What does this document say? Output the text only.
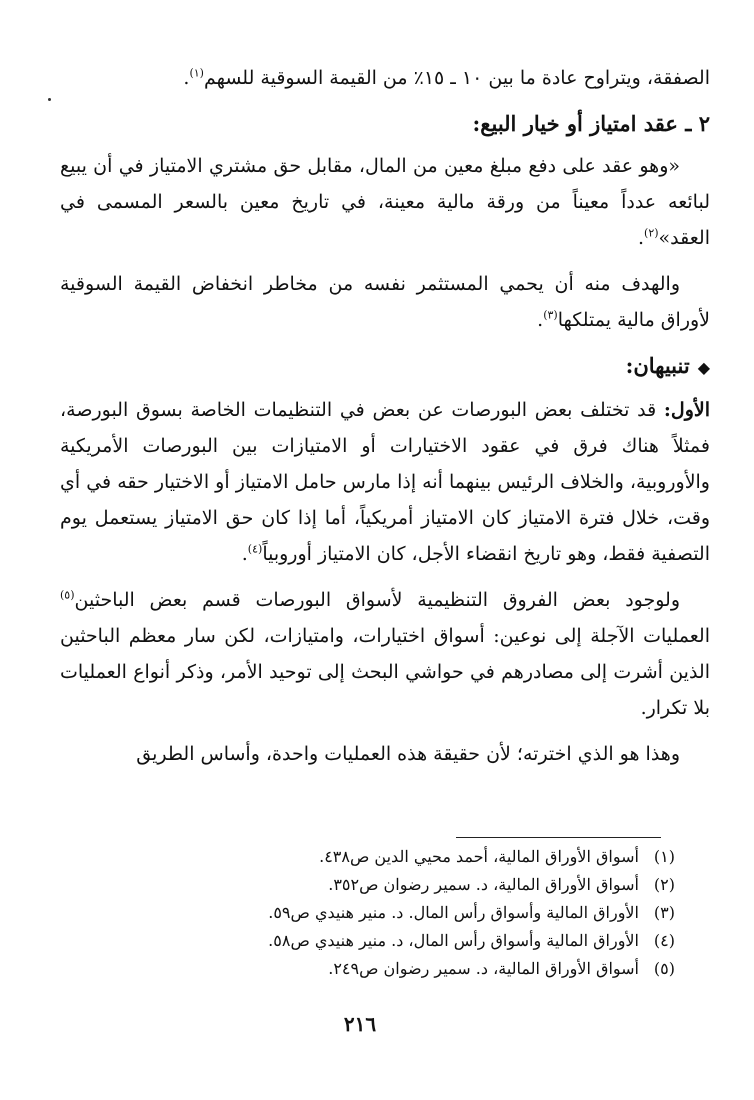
الصفقة، ويتراوح عادة ما بين ١٠ ـ ١٥٪ من القيمة السوقية للسهم$^{(١)}$.

٢ ـ عقد امتياز أو خيار البيع:

«وهو عقد على دفع مبلغ معين من المال، مقابل حق مشتري الامتياز في أن يبيع لبائعه عدداً معيناً من ورقة مالية معينة، في تاريخ معين بالسعر المسمى في العقد»$^{(٢)}$.

والهدف منه أن يحمي المستثمر نفسه من مخاطر انخفاض القيمة السوقية لأوراق مالية يمتلكها$^{(٣)}$.

◆تنبيهان:

الأول: قد تختلف بعض البورصات عن بعض في التنظيمات الخاصة بسوق البورصة، فمثلاً هناك فرق في عقود الاختيارات أو الامتيازات بين البورصات الأمريكية والأوروبية، والخلاف الرئيس بينهما أنه إذا مارس حامل الامتياز أو الاختيار حقه في أي وقت، خلال فترة الامتياز كان الامتياز أمريكياً، أما إذا كان حق الامتياز يستعمل يوم التصفية فقط، وهو تاريخ انقضاء الأجل، كان الامتياز أوروبياً$^{(٤)}$.

ولوجود بعض الفروق التنظيمية لأسواق البورصات قسم بعض الباحثين$^{(٥)}$ العمليات الآجلة إلى نوعين: أسواق اختيارات، وامتيازات، لكن سار معظم الباحثين الذين أشرت إلى مصادرهم في حواشي البحث إلى توحيد الأمر، وذكر أنواع العمليات بلا تكرار.

وهذا هو الذي اخترته؛ لأن حقيقة هذه العمليات واحدة، وأساس الطريق

(١)أسواق الأوراق المالية، أحمد محيي الدين ص٤٣٨.

(٢)أسواق الأوراق المالية، د. سمير رضوان ص٣٥٢.

(٣)الأوراق المالية وأسواق رأس المال. د. منير هنيدي ص٥٩.

(٤)الأوراق المالية وأسواق رأس المال، د. منير هنيدي ص٥٨.

(٥)أسواق الأوراق المالية، د. سمير رضوان ص٢٤٩.

٢١٦
